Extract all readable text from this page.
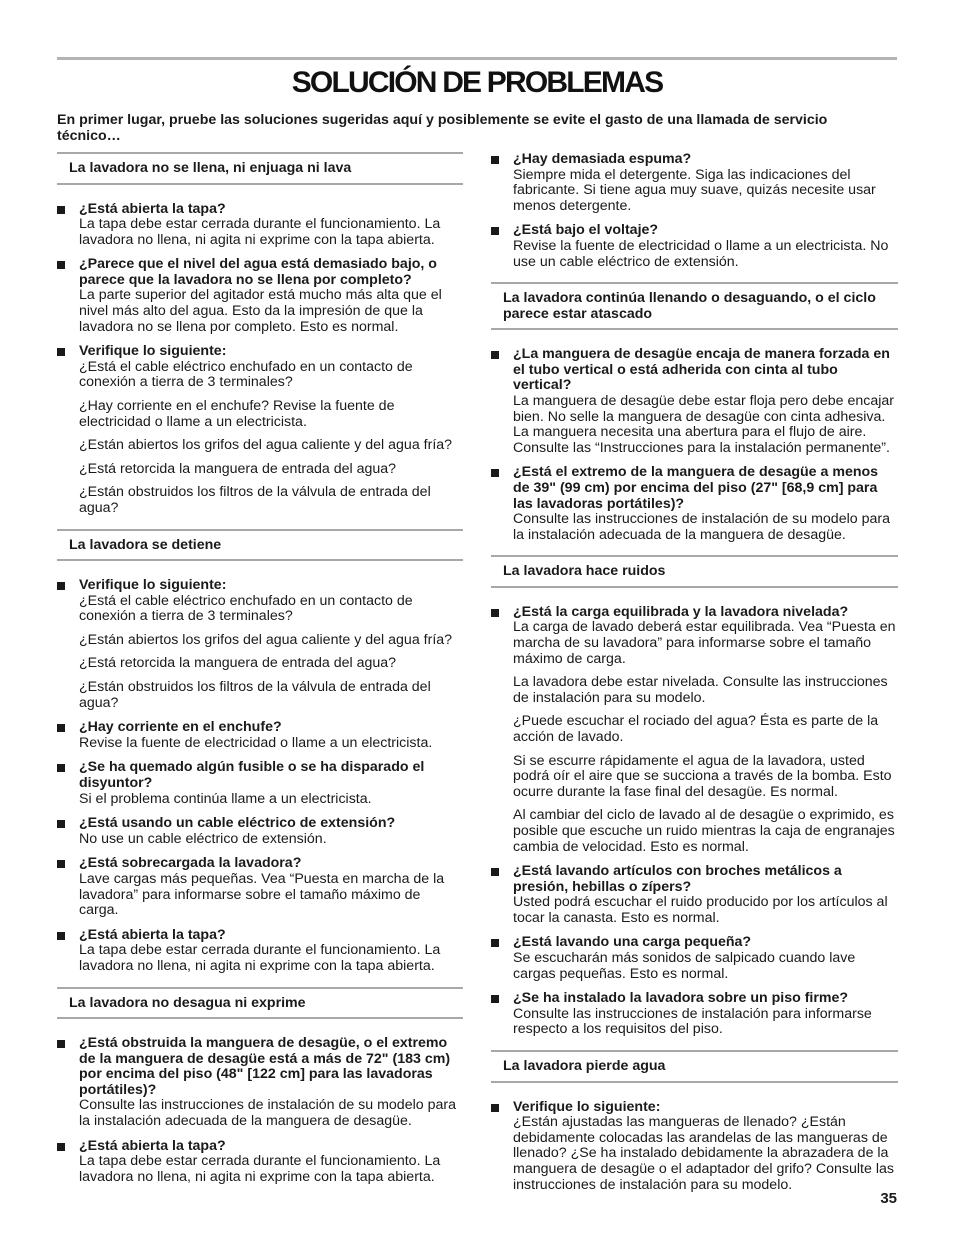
SOLUCIÓN DE PROBLEMAS

En primer lugar, pruebe las soluciones sugeridas aquí y posiblemente se evite el gasto de una llamada de servicio técnico…

La lavadora no se llena, ni enjuaga ni lava
¿Está abierta la tapa?
La tapa debe estar cerrada durante el funcionamiento. La lavadora no llena, ni agita ni exprime con la tapa abierta.
¿Parece que el nivel del agua está demasiado bajo, o parece que la lavadora no se llena por completo?
La parte superior del agitador está mucho más alta que el nivel más alto del agua. Esto da la impresión de que la lavadora no se llena por completo. Esto es normal.
Verifique lo siguiente:
¿Está el cable eléctrico enchufado en un contacto de conexión a tierra de 3 terminales?
¿Hay corriente en el enchufe? Revise la fuente de electricidad o llame a un electricista.
¿Están abiertos los grifos del agua caliente y del agua fría?
¿Está retorcida la manguera de entrada del agua?
¿Están obstruidos los filtros de la válvula de entrada del agua?
La lavadora se detiene
Verifique lo siguiente:
¿Está el cable eléctrico enchufado en un contacto de conexión a tierra de 3 terminales?
¿Están abiertos los grifos del agua caliente y del agua fría?
¿Está retorcida la manguera de entrada del agua?
¿Están obstruidos los filtros de la válvula de entrada del agua?
¿Hay corriente en el enchufe?
Revise la fuente de electricidad o llame a un electricista.
¿Se ha quemado algún fusible o se ha disparado el disyuntor?
Si el problema continúa llame a un electricista.
¿Está usando un cable eléctrico de extensión?
No use un cable eléctrico de extensión.
¿Está sobrecargada la lavadora?
Lave cargas más pequeñas. Vea “Puesta en marcha de la lavadora” para informarse sobre el tamaño máximo de carga.
¿Está abierta la tapa?
La tapa debe estar cerrada durante el funcionamiento. La lavadora no llena, ni agita ni exprime con la tapa abierta.
La lavadora no desagua ni exprime
¿Está obstruida la manguera de desagüe, o el extremo de la manguera de desagüe está a más de 72" (183 cm) por encima del piso (48" [122 cm] para las lavadoras portátiles)?
Consulte las instrucciones de instalación de su modelo para la instalación adecuada de la manguera de desagüe.
¿Está abierta la tapa?
La tapa debe estar cerrada durante el funcionamiento. La lavadora no llena, ni agita ni exprime con la tapa abierta.
¿Hay demasiada espuma?
Siempre mida el detergente. Siga las indicaciones del fabricante. Si tiene agua muy suave, quizás necesite usar menos detergente.
¿Está bajo el voltaje?
Revise la fuente de electricidad o llame a un electricista. No use un cable eléctrico de extensión.
La lavadora continúa llenando o desaguando, o el ciclo parece estar atascado
¿La manguera de desagüe encaja de manera forzada en el tubo vertical o está adherida con cinta al tubo vertical?
La manguera de desagüe debe estar floja pero debe encajar bien. No selle la manguera de desagüe con cinta adhesiva. La manguera necesita una abertura para el flujo de aire. Consulte las “Instrucciones para la instalación permanente”.
¿Está el extremo de la manguera de desagüe a menos de 39" (99 cm) por encima del piso (27" [68,9 cm] para las lavadoras portátiles)?
Consulte las instrucciones de instalación de su modelo para la instalación adecuada de la manguera de desagüe.
La lavadora hace ruidos
¿Está la carga equilibrada y la lavadora nivelada?
La carga de lavado deberá estar equilibrada. Vea “Puesta en marcha de su lavadora” para informarse sobre el tamaño máximo de carga.
La lavadora debe estar nivelada. Consulte las instrucciones de instalación para su modelo.
¿Puede escuchar el rociado del agua? Ésta es parte de la acción de lavado.
Si se escurre rápidamente el agua de la lavadora, usted podrá oír el aire que se succiona a través de la bomba. Esto ocurre durante la fase final del desagüe. Es normal.
Al cambiar del ciclo de lavado al de desagüe o exprimido, es posible que escuche un ruido mientras la caja de engranajes cambia de velocidad. Esto es normal.
¿Está lavando artículos con broches metálicos a presión, hebillas o zípers?
Usted podrá escuchar el ruido producido por los artículos al tocar la canasta. Esto es normal.
¿Está lavando una carga pequeña?
Se escucharán más sonidos de salpicado cuando lave cargas pequeñas. Esto es normal.
¿Se ha instalado la lavadora sobre un piso firme?
Consulte las instrucciones de instalación para informarse respecto a los requisitos del piso.
La lavadora pierde agua
Verifique lo siguiente:
¿Están ajustadas las mangueras de llenado? ¿Están debidamente colocadas las arandelas de las mangueras de llenado? ¿Se ha instalado debidamente la abrazadera de la manguera de desagüe o el adaptador del grifo? Consulte las instrucciones de instalación para su modelo.
35
